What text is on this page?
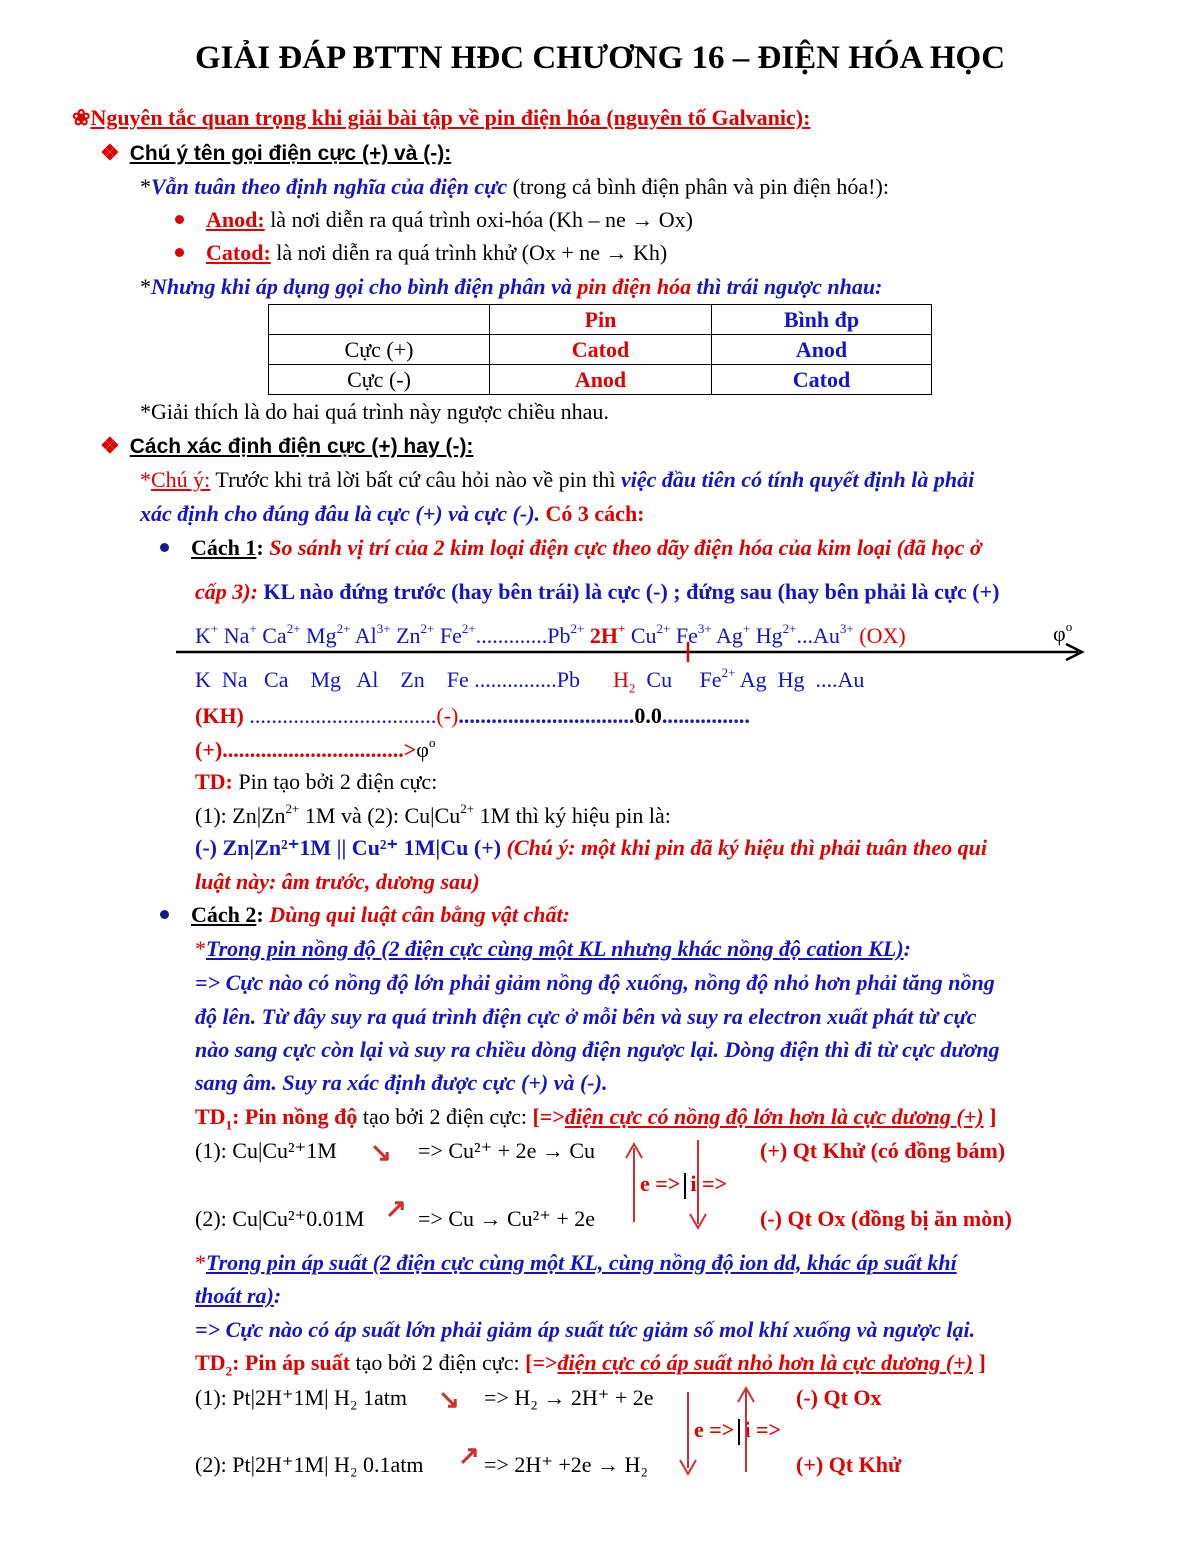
GIẢI ĐÁP BTTN HĐC CHƯƠNG 16 – ĐIỆN HÓA HỌC
❀Nguyên tắc quan trọng khi giải bài tập về pin điện hóa (nguyên tố Galvanic):
❖ Chú ý tên gọi điện cực (+) và (-):
*Vẫn tuân theo định nghĩa của điện cực (trong cả bình điện phân và pin điện hóa!):
Anod: là nơi diễn ra quá trình oxi-hóa (Kh – ne → Ox)
Catod: là nơi diễn ra quá trình khử (Ox + ne → Kh)
*Nhưng khi áp dụng gọi cho bình điện phân và pin điện hóa thì trái ngược nhau:
	Pin	Bình đp
Cực (+)	Catod	Anod
Cực (-)	Anod	Catod
*Giải thích là do hai quá trình này ngược chiều nhau.
❖ Cách xác định điện cực (+) hay (-):
*Chú ý: Trước khi trả lời bất cứ câu hỏi nào về pin thì việc đầu tiên có tính quyết định là phải
xác định cho đúng đâu là cực (+) và cực (-). Có 3 cách:
Cách 1: So sánh vị trí của 2 kim loại điện cực theo dãy điện hóa của kim loại (đã học ở
cấp 3): KL nào đứng trước (hay bên trái) là cực (-) ; đứng sau (hay bên phải là cực (+)
K+ Na+ $Ca^{2+}$ $Mg^{2+}$ $Al^{3+}$ $Zn^{2+}$ $Fe^{2+}.............Pb^{2+}$ 2H+ $Cu^{2+}$ $Fe^{3+}$ Ag+ $Hg^{2+}...Au^{3+}$ (OX)	$\varphi^o$
K  Na   Ca    Mg   Al    Zn    Fe ...............Pb      $H_2$  Cu     $Fe^{2+}$ Ag  Hg  ....Au
(KH) ..................................(-)................................0.0................
$(+).................................>\varphi^o$
TD: Pin tạo bởi 2 điện cực:
(1): $Zn|Zn^{2+}$ 1M và (2): $Cu|Cu^{2+}$ 1M thì ký hiệu pin là:
(-) Zn|Zn²⁺1M || Cu²⁺ 1M|Cu (+) (Chú ý: một khi pin đã ký hiệu thì phải tuân theo qui
luật này: âm trước, dương sau)
Cách 2: Dùng qui luật cân bằng vật chất:
*Trong pin nồng độ (2 điện cực cùng một KL nhưng khác nồng độ cation KL):
=> Cực nào có nồng độ lớn phải giảm nồng độ xuống, nồng độ nhỏ hơn phải tăng nồng
độ lên. Từ đây suy ra quá trình điện cực ở mỗi bên và suy ra electron xuất phát từ cực
nào sang cực còn lại và suy ra chiều dòng điện ngược lại. Dòng điện thì đi từ cực dương
sang âm. Suy ra xác định được cực (+) và (-).
$TD_1$: Pin nồng độ tạo bởi 2 điện cực: [=>điện cực có nồng độ lớn hơn là cực dương (+) ]
(1): Cu|Cu²⁺1M ↘ => Cu²⁺ + 2e → Cu	(+) Qt Khử (có đồng bám)
e => i =>
(2): Cu|Cu²⁺0.01M ↗ => Cu → Cu²⁺ + 2e	(-) Qt Ox (đồng bị ăn mòn)
*Trong pin áp suất (2 điện cực cùng một KL, cùng nồng độ ion dd, khác áp suất khí
thoát ra):
=> Cực nào có áp suất lớn phải giảm áp suất tức giảm số mol khí xuống và ngược lại.
$TD_2$: Pin áp suất tạo bởi 2 điện cực: [=>điện cực có áp suất nhỏ hơn là cực dương (+) ]
(1): Pt|2H⁺1M| H₂ 1atm ↘ => H₂ → 2H⁺ + 2e	(-) Qt Ox
e => i =>
(2): Pt|2H⁺1M| H₂ 0.1atm ↗ => 2H⁺ +2e → H₂	(+) Qt Khử
